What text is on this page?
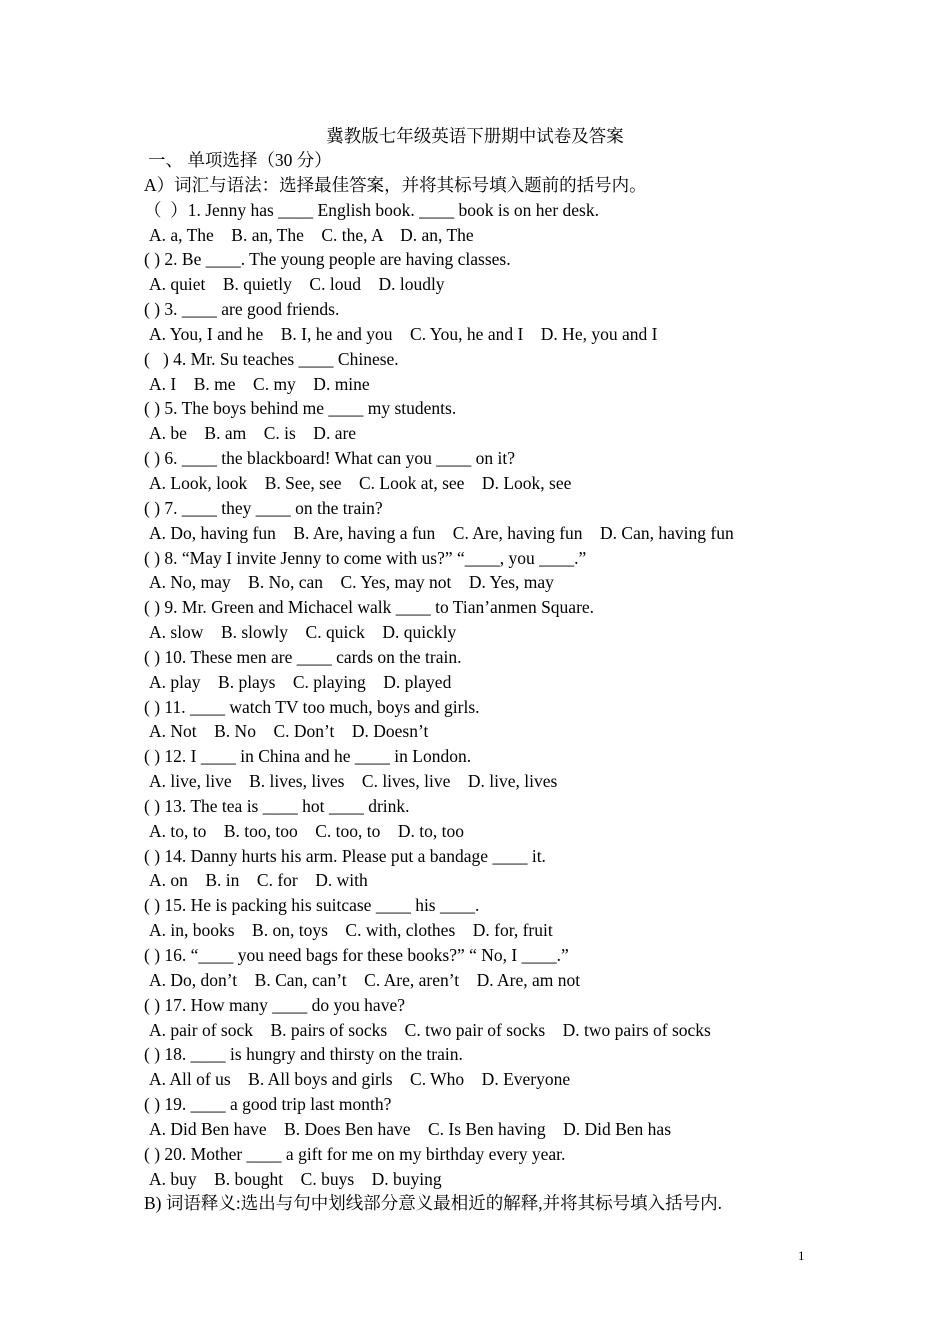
冀教版七年级英语下册期中试卷及答案

一、 单项选择（30 分）

A）词汇与语法：选择最佳答案，并将其标号填入题前的括号内。

（  ）1. Jenny has ____ English book. ____ book is on her desk.

A. a, The    B. an, The    C. the, A    D. an, The

( ) 2. Be ____. The young people are having classes.

A. quiet    B. quietly    C. loud    D. loudly

( ) 3. ____ are good friends.

A. You, I and he    B. I, he and you    C. You, he and I    D. He, you and I

(   ) 4. Mr. Su teaches ____ Chinese.

A. I    B. me    C. my    D. mine

( ) 5. The boys behind me ____ my students.

A. be    B. am    C. is    D. are

( ) 6. ____ the blackboard! What can you ____ on it?

A. Look, look    B. See, see    C. Look at, see    D. Look, see

( ) 7. ____ they ____ on the train?

A. Do, having fun    B. Are, having a fun    C. Are, having fun    D. Can, having fun

( ) 8. “May I invite Jenny to come with us?” “____, you ____.”

A. No, may    B. No, can    C. Yes, may not    D. Yes, may

( ) 9. Mr. Green and Michacel walk ____ to Tian’anmen Square.

A. slow    B. slowly    C. quick    D. quickly

( ) 10. These men are ____ cards on the train.

A. play    B. plays    C. playing    D. played

( ) 11. ____ watch TV too much, boys and girls.

A. Not    B. No    C. Don’t    D. Doesn’t

( ) 12. I ____ in China and he ____ in London.

A. live, live    B. lives, lives    C. lives, live    D. live, lives

( ) 13. The tea is ____ hot ____ drink.

A. to, to    B. too, too    C. too, to    D. to, too

( ) 14. Danny hurts his arm. Please put a bandage ____ it.

A. on    B. in    C. for    D. with

( ) 15. He is packing his suitcase ____ his ____.

A. in, books    B. on, toys    C. with, clothes    D. for, fruit

( ) 16. “____ you need bags for these books?” “ No, I ____.”

A. Do, don’t    B. Can, can’t    C. Are, aren’t    D. Are, am not

( ) 17. How many ____ do you have?

A. pair of sock    B. pairs of socks    C. two pair of socks    D. two pairs of socks

( ) 18. ____ is hungry and thirsty on the train.

A. All of us    B. All boys and girls    C. Who    D. Everyone

( ) 19. ____ a good trip last month?

A. Did Ben have    B. Does Ben have    C. Is Ben having    D. Did Ben has

( ) 20. Mother ____ a gift for me on my birthday every year.

A. buy    B. bought    C. buys    D. buying

B) 词语释义:选出与句中划线部分意义最相近的解释,并将其标号填入括号内.

1
